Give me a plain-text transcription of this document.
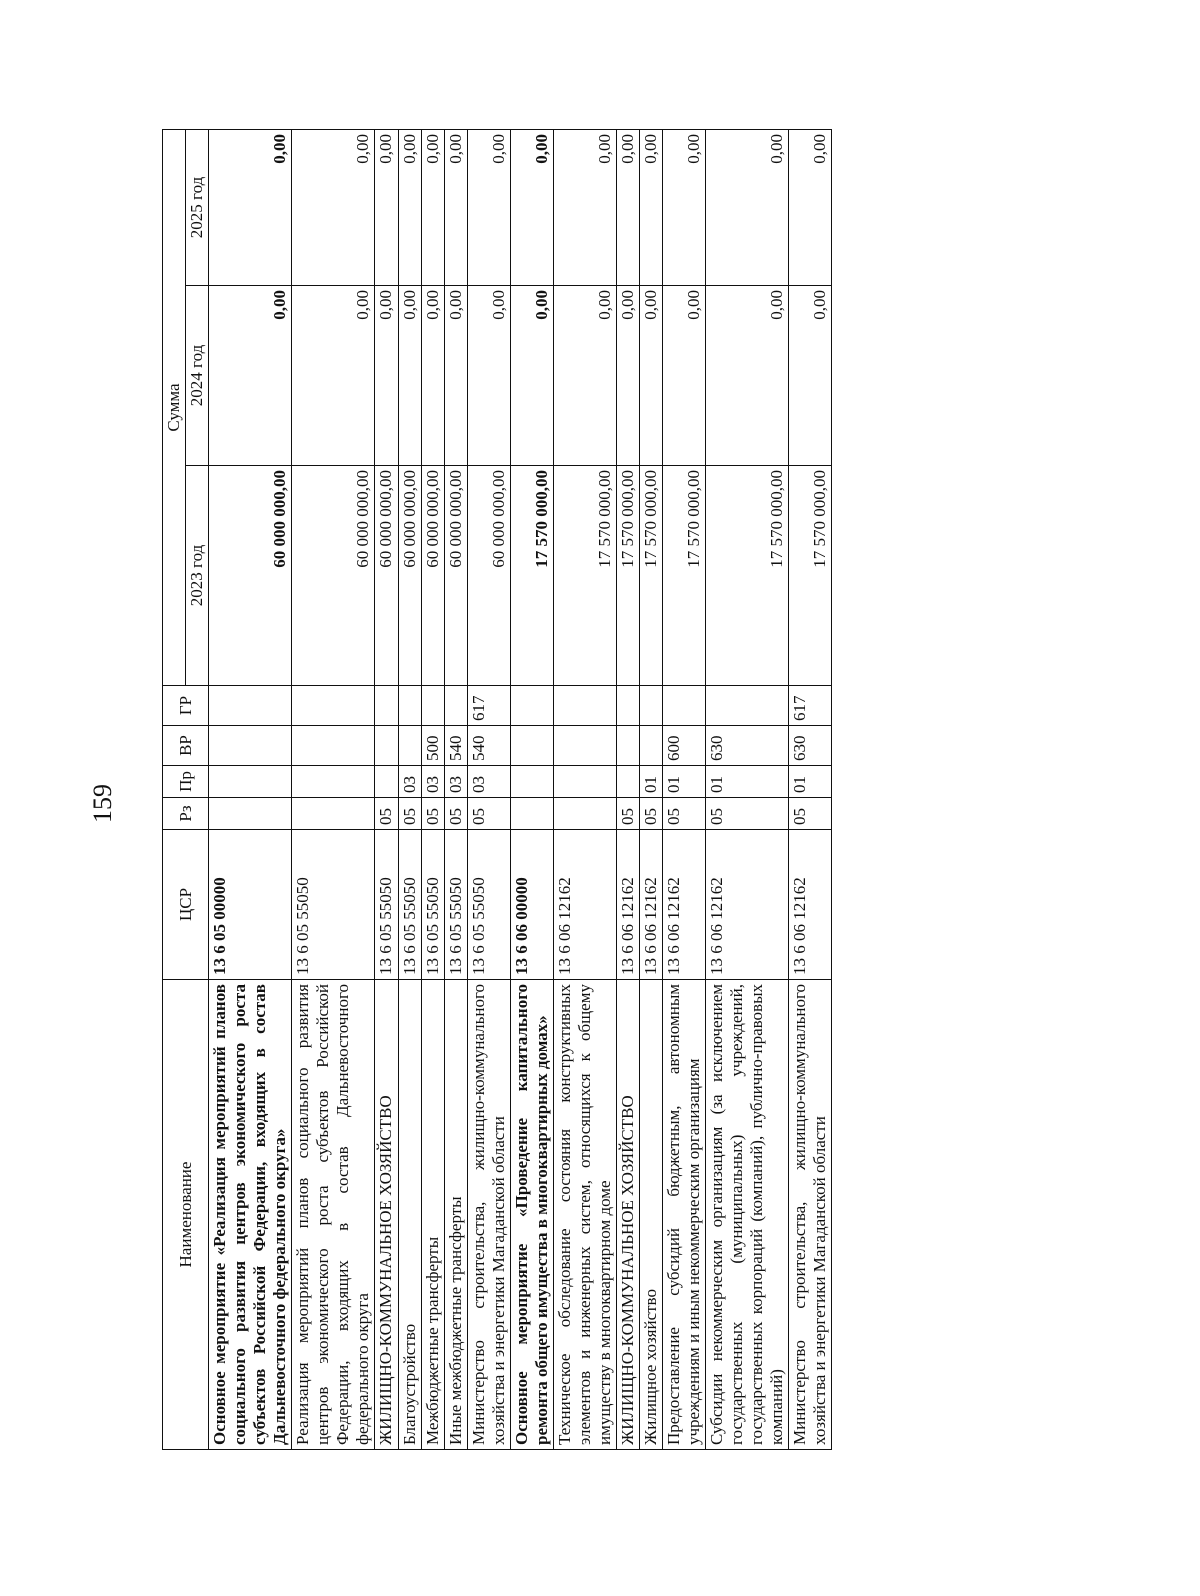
159
Наименование	ЦСР	Рз	Пр	ВР	ГР	Сумма		
						2023 год	2024 год	2025 год
Основное мероприятие «Реализация мероприятий планов социального развития центров экономического роста субъектов Российской Федерации, входящих в состав Дальневосточного федерального округа»	13 6 05 00000					60 000 000,00	0,00	0,00
Реализация мероприятий планов социального развития центров экономического роста субъектов Российской Федерации, входящих в состав Дальневосточного федерального округа	13 6 05 55050					60 000 000,00	0,00	0,00
ЖИЛИЩНО-КОММУНАЛЬНОЕ ХОЗЯЙСТВО	13 6 05 55050	05				60 000 000,00	0,00	0,00
Благоустройство	13 6 05 55050	05	03			60 000 000,00	0,00	0,00
Межбюджетные трансферты	13 6 05 55050	05	03	500		60 000 000,00	0,00	0,00
Иные межбюджетные трансферты	13 6 05 55050	05	03	540		60 000 000,00	0,00	0,00
Министерство строительства, жилищно-коммунального хозяйства и энергетики Магаданской области	13 6 05 55050	05	03	540	617	60 000 000,00	0,00	0,00
Основное мероприятие «Проведение капитального ремонта общего имущества в многоквартирных домах»	13 6 06 00000					17 570 000,00	0,00	0,00
Техническое обследование состояния конструктивных элементов и инженерных систем, относящихся к общему имуществу в многоквартирном доме	13 6 06 12162					17 570 000,00	0,00	0,00
ЖИЛИЩНО-КОММУНАЛЬНОЕ ХОЗЯЙСТВО	13 6 06 12162	05				17 570 000,00	0,00	0,00
Жилищное хозяйство	13 6 06 12162	05	01			17 570 000,00	0,00	0,00
Предоставление субсидий бюджетным, автономным учреждениям и иным некоммерческим организациям	13 6 06 12162	05	01	600		17 570 000,00	0,00	0,00
Субсидии некоммерческим организациям (за исключением государственных (муниципальных) учреждений, государственных корпораций (компаний), публично-правовых компаний)	13 6 06 12162	05	01	630		17 570 000,00	0,00	0,00
Министерство строительства, жилищно-коммунального хозяйства и энергетики Магаданской области	13 6 06 12162	05	01	630	617	17 570 000,00	0,00	0,00
